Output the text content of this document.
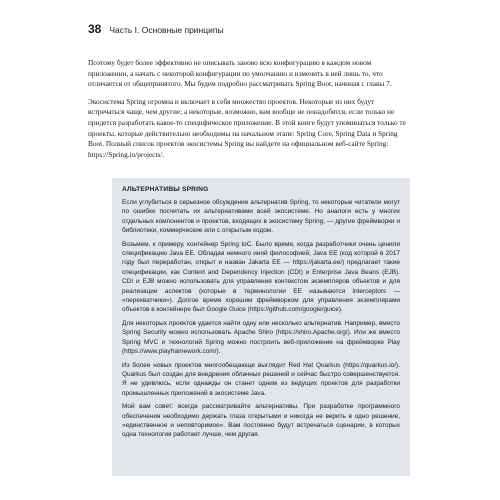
38 Часть I. Основные принципы

Поэтому будет более эффективно не описывать заново всю конфигурацию в каждом новом приложении, а начать с некоторой конфигурации по умолчанию и изменить в ней лишь то, что отличается от общепринятого. Мы будем подробно рассматривать Spring Boot, начиная с главы 7.

Экосистема Spring огромна и включает в себя множество проектов. Некоторые из них будут встречаться чаще, чем другие; а некоторые, возможно, вам вообще не понадобятся, если только не придется разработать какое-то специфическое приложение. В этой книге будут упоминаться только те проекты, которые действительно необходимы на начальном этапе: Spring Core, Spring Data и Spring Boot. Полный список проектов экосистемы Spring вы найдете на официальном веб-сайте Spring: https://Spring.io/projects/.

АЛЬТЕРНАТИВЫ SPRING

Если углубиться в серьезное обсуждение альтернатив Spring, то некоторые читатели могут по ошибке посчитать их альтернативами всей экосистеме. Но аналоги есть у многих отдельных компонентов и проектов, входящих в экосистему Spring, — другие фреймворки и библиотеки, коммерческие или с открытым кодом.

Возьмем, к примеру, контейнер Spring IoC. Было время, когда разработчики очень ценили спецификацию Java EE. Обладая немного иной философией, Java EE (код которой в 2017 году был переработан, открыт и назван Jakarta EE — https://jakarta.ee/) предлагает такие спецификации, как Context and Dependency Injection (CDI) и Enterprise Java Beans (EJB). CDI и EJB можно использовать для управления контекстом экземпляров объектов и для реализации аспектов (которые в терминологии EE называются interceptors — «перехватчики»). Долгое время хорошим фреймворком для управления экземплярами объектов в контейнере был Google Guice (https://github.com/google/guice).

Для некоторых проектов удается найти одну или несколько альтернатив. Например, вместо Spring Security можно использовать Apache Shiro (https://shiro.Apache.org/). Или же вместо Spring MVC и технологий Spring можно построить веб-приложение на фреймворке Play (https://www.playframework.com/).

Из более новых проектов многообещающе выглядит Red Hat Quarkus (https://quarkus.io/). Quarkus был создан для внедрения облачных решений и сейчас быстро совершенствуется. Я не удивлюсь, если однажды он станет одним из ведущих проектов для разработки промышленных приложений в экосистеме Java.

Мой вам совет: всегда рассматривайте альтернативы. При разработке программного обеспечения необходимо держать глаза открытыми и никогда не верить в одно решение, «единственное и неповторимое». Вам постоянно будут встречаться сценарии, в которых одна технология работает лучше, чем другая.
